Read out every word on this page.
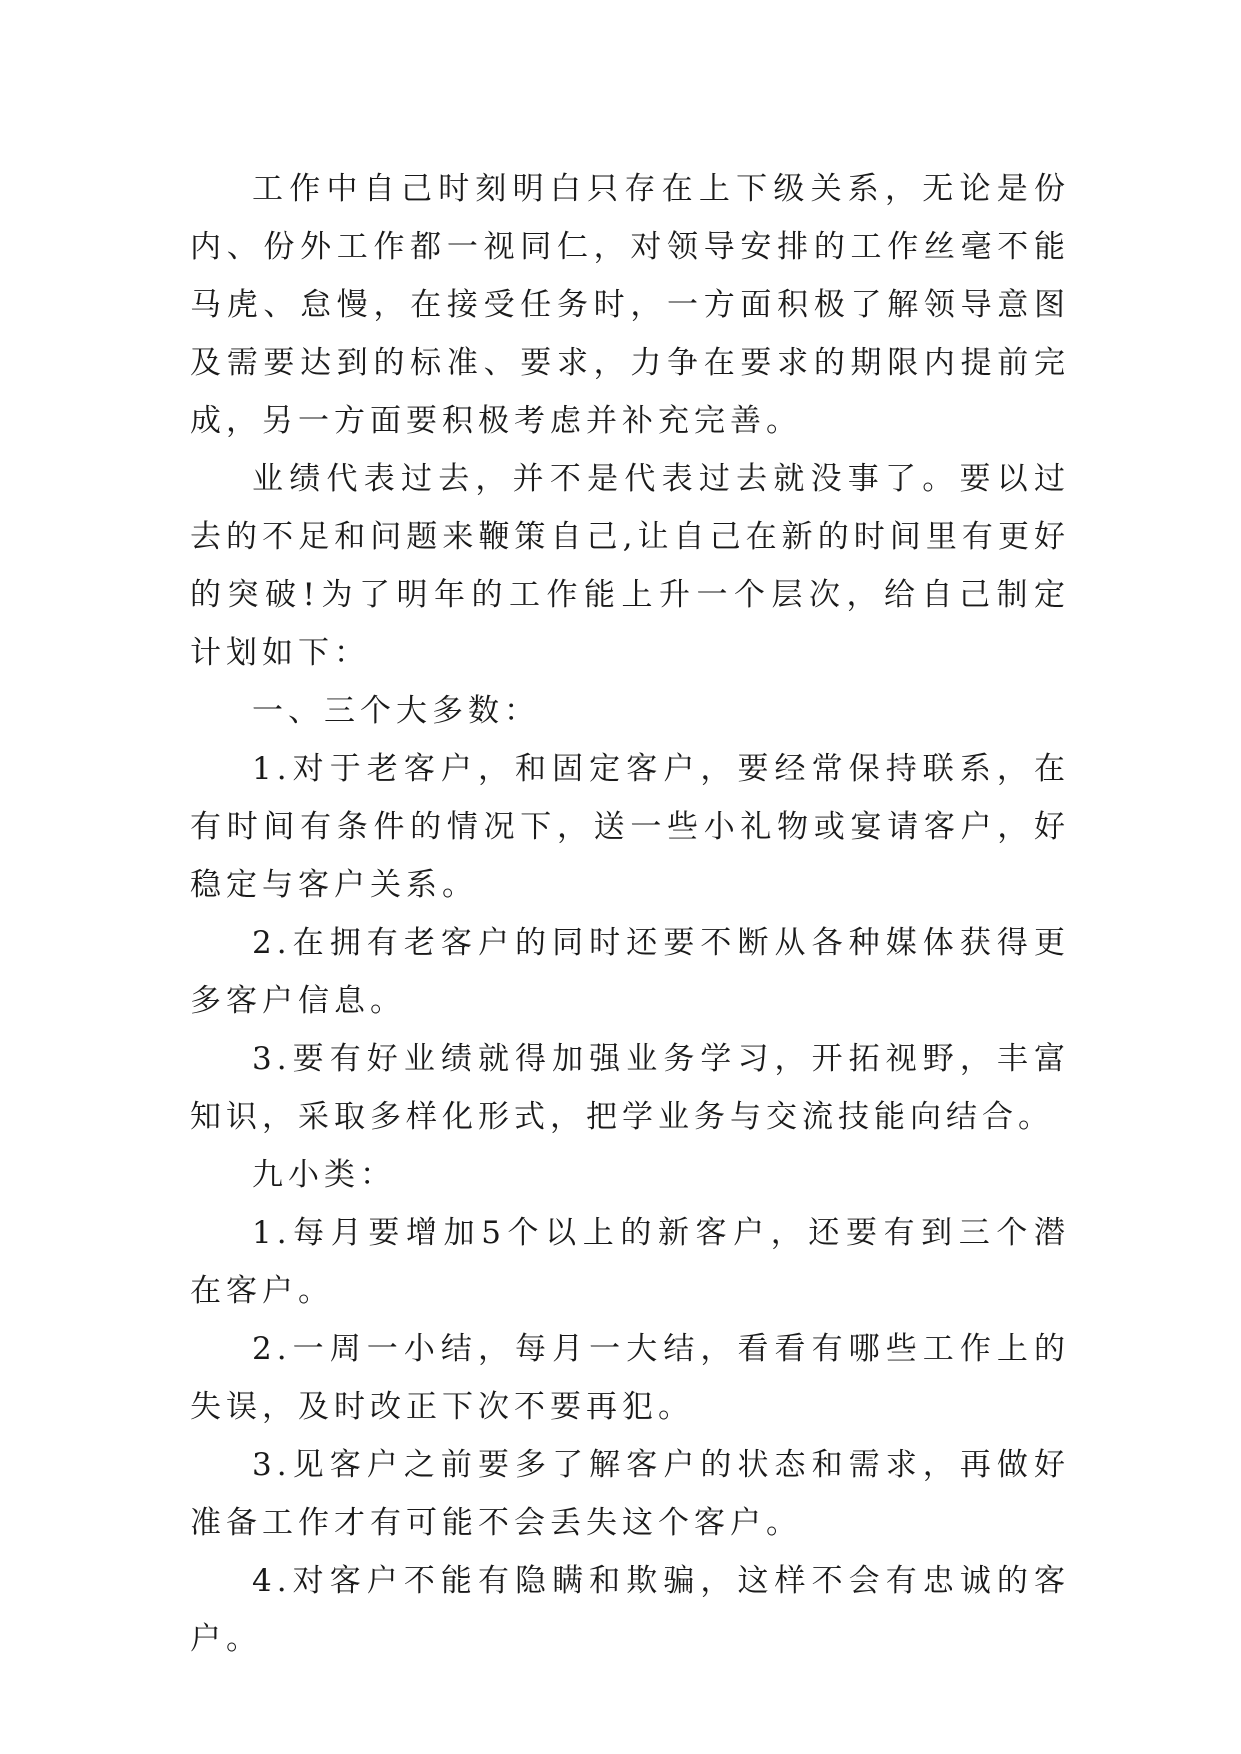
工作中自己时刻明白只存在上下级关系，无论是份内、份外工作都一视同仁，对领导安排的工作丝毫不能马虎、怠慢，在接受任务时，一方面积极了解领导意图及需要达到的标准、要求，力争在要求的期限内提前完成，另一方面要积极考虑并补充完善。

业绩代表过去，并不是代表过去就没事了。要以过去的不足和问题来鞭策自己,让自己在新的时间里有更好的突破!为了明年的工作能上升一个层次，给自己制定计划如下：

一、三个大多数：

1.对于老客户，和固定客户，要经常保持联系，在有时间有条件的情况下，送一些小礼物或宴请客户，好稳定与客户关系。

2.在拥有老客户的同时还要不断从各种媒体获得更多客户信息。

3.要有好业绩就得加强业务学习，开拓视野，丰富知识，采取多样化形式，把学业务与交流技能向结合。

九小类：

1.每月要增加5个以上的新客户，还要有到三个潜在客户。

2.一周一小结，每月一大结，看看有哪些工作上的失误，及时改正下次不要再犯。

3.见客户之前要多了解客户的状态和需求，再做好准备工作才有可能不会丢失这个客户。

4.对客户不能有隐瞒和欺骗，这样不会有忠诚的客户。
